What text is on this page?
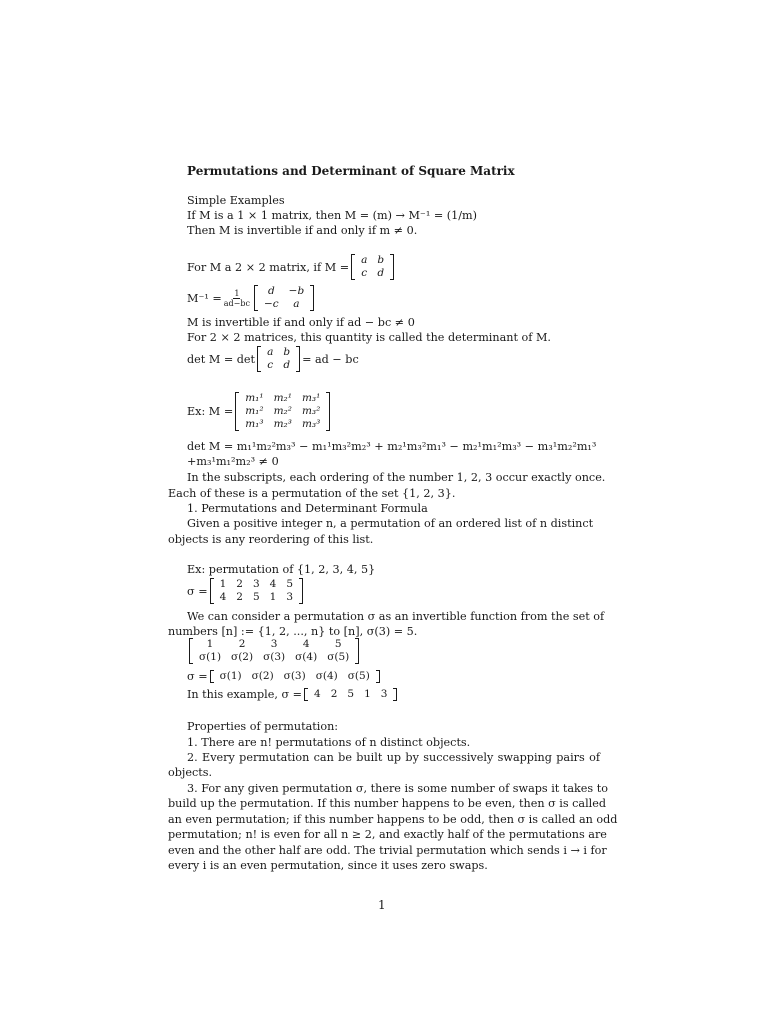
Permutations and Determinant of Square Matrix
Simple Examples
If M is a 1 × 1 matrix, then M = (m) → M⁻¹ = (1/m)
Then M is invertible if and only if m ≠ 0.
For M a 2 × 2 matrix, if M =
a	b
c	d
$M^{-1} = \frac{1}{ad-bc}$ d	−b
−c	a
M is invertible if and only if ad − bc ≠ 0
For 2 × 2 matrices, this quantity is called the determinant of M.
det M = det
a	b
c	d = ad − bc
Ex: M =
m₁¹	m₂¹	m₃¹
m₁²	m₂²	m₃²
m₁³	m₂³	m₃³
det M = m₁¹m₂²m₃³ − m₁¹m₃²m₂³ + m₂¹m₃²m₁³ − m₂¹m₁²m₃³ − m₃¹m₂²m₁³
+m₃¹m₁²m₂³ ≠ 0
In the subscripts, each ordering of the number 1, 2, 3 occur exactly once.
Each of these is a permutation of the set {1, 2, 3}.
1. Permutations and Determinant Formula
Given a positive integer n, a permutation of an ordered list of n distinct
objects is any reordering of this list.
Ex: permutation of {1, 2, 3, 4, 5}
σ =
1	2	3	4	5
4	2	5	1	3
We can consider a permutation σ as an invertible function from the set of
numbers [n] := {1, 2, ..., n} to [n], σ(3) = 5.
1	2	3	4	5
σ(1)	σ(2)	σ(3)	σ(4)	σ(5)
σ = σ(1)	σ(2)	σ(3)	σ(4)	σ(5)
In this example, σ = 4	2	5	1	3
Properties of permutation:
1. There are n! permutations of n distinct objects.
2. Every permutation can be built up by successively swapping pairs of
objects.
3. For any given permutation σ, there is some number of swaps it takes to
build up the permutation. If this number happens to be even, then σ is called
an even permutation; if this number happens to be odd, then σ is called an odd
permutation; n! is even for all n ≥ 2, and exactly half of the permutations are
even and the other half are odd. The trivial permutation which sends i → i for
every i is an even permutation, since it uses zero swaps.
1
